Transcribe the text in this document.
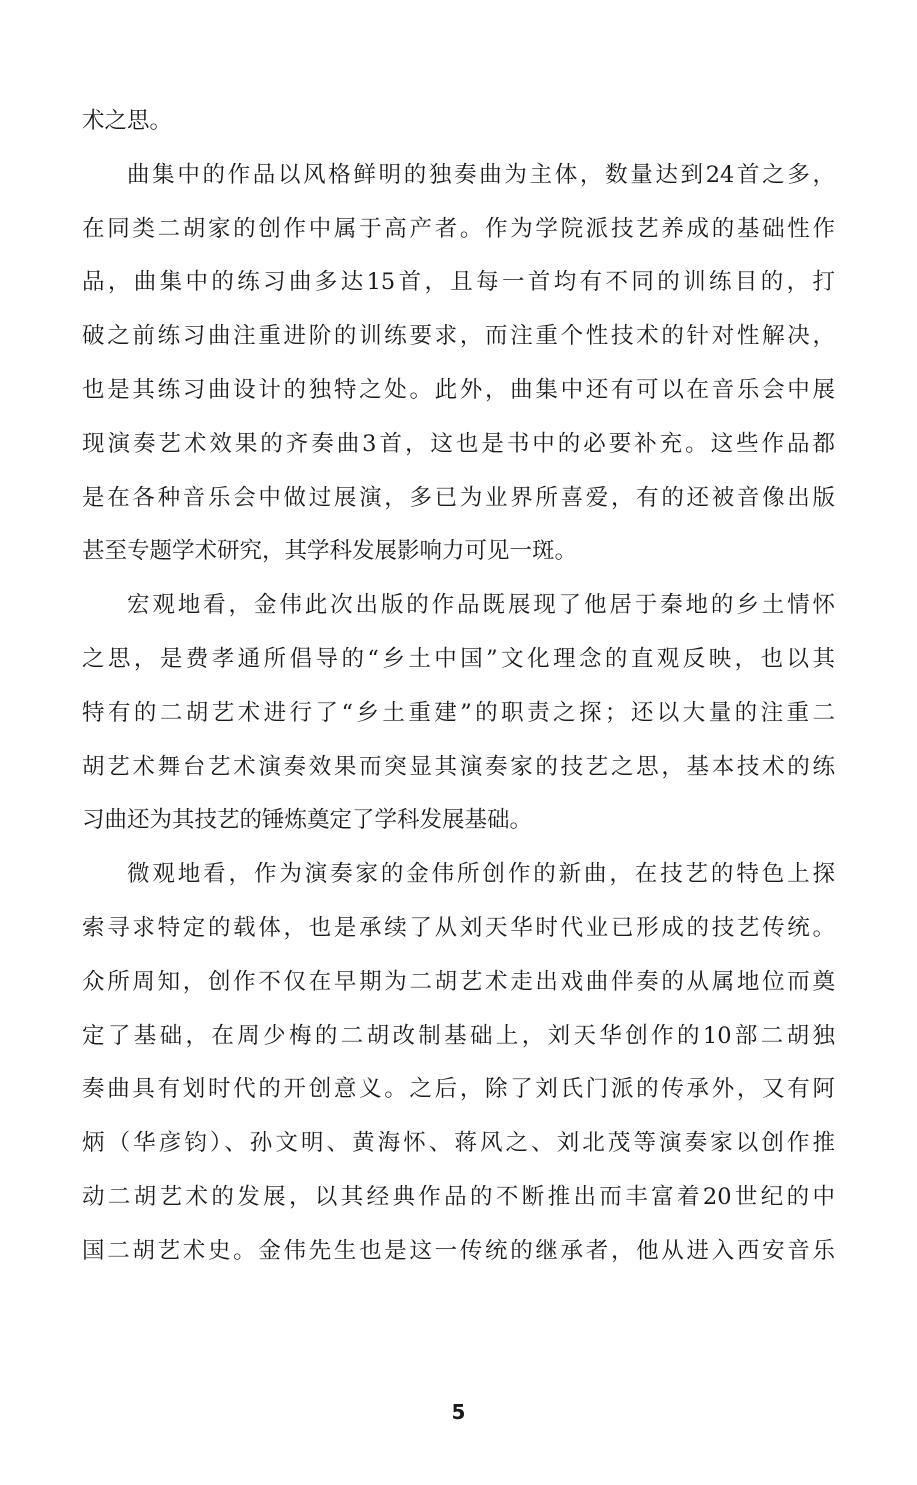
术之思。
曲集中的作品以风格鲜明的独奏曲为主体，数量达到24首之多，
在同类二胡家的创作中属于高产者。作为学院派技艺养成的基础性作
品，曲集中的练习曲多达15首，且每一首均有不同的训练目的，打
破之前练习曲注重进阶的训练要求，而注重个性技术的针对性解决，
也是其练习曲设计的独特之处。此外，曲集中还有可以在音乐会中展
现演奏艺术效果的齐奏曲3首，这也是书中的必要补充。这些作品都
是在各种音乐会中做过展演，多已为业界所喜爱，有的还被音像出版
甚至专题学术研究，其学科发展影响力可见一斑。
宏观地看，金伟此次出版的作品既展现了他居于秦地的乡土情怀
之思，是费孝通所倡导的“乡土中国”文化理念的直观反映，也以其
特有的二胡艺术进行了“乡土重建”的职责之探；还以大量的注重二
胡艺术舞台艺术演奏效果而突显其演奏家的技艺之思，基本技术的练
习曲还为其技艺的锤炼奠定了学科发展基础。
微观地看，作为演奏家的金伟所创作的新曲，在技艺的特色上探
索寻求特定的载体，也是承续了从刘天华时代业已形成的技艺传统。
众所周知，创作不仅在早期为二胡艺术走出戏曲伴奏的从属地位而奠
定了基础，在周少梅的二胡改制基础上，刘天华创作的10部二胡独
奏曲具有划时代的开创意义。之后，除了刘氏门派的传承外，又有阿
炳（华彦钧）、孙文明、黄海怀、蒋风之、刘北茂等演奏家以创作推
动二胡艺术的发展，以其经典作品的不断推出而丰富着20世纪的中
国二胡艺术史。金伟先生也是这一传统的继承者，他从进入西安音乐
5
